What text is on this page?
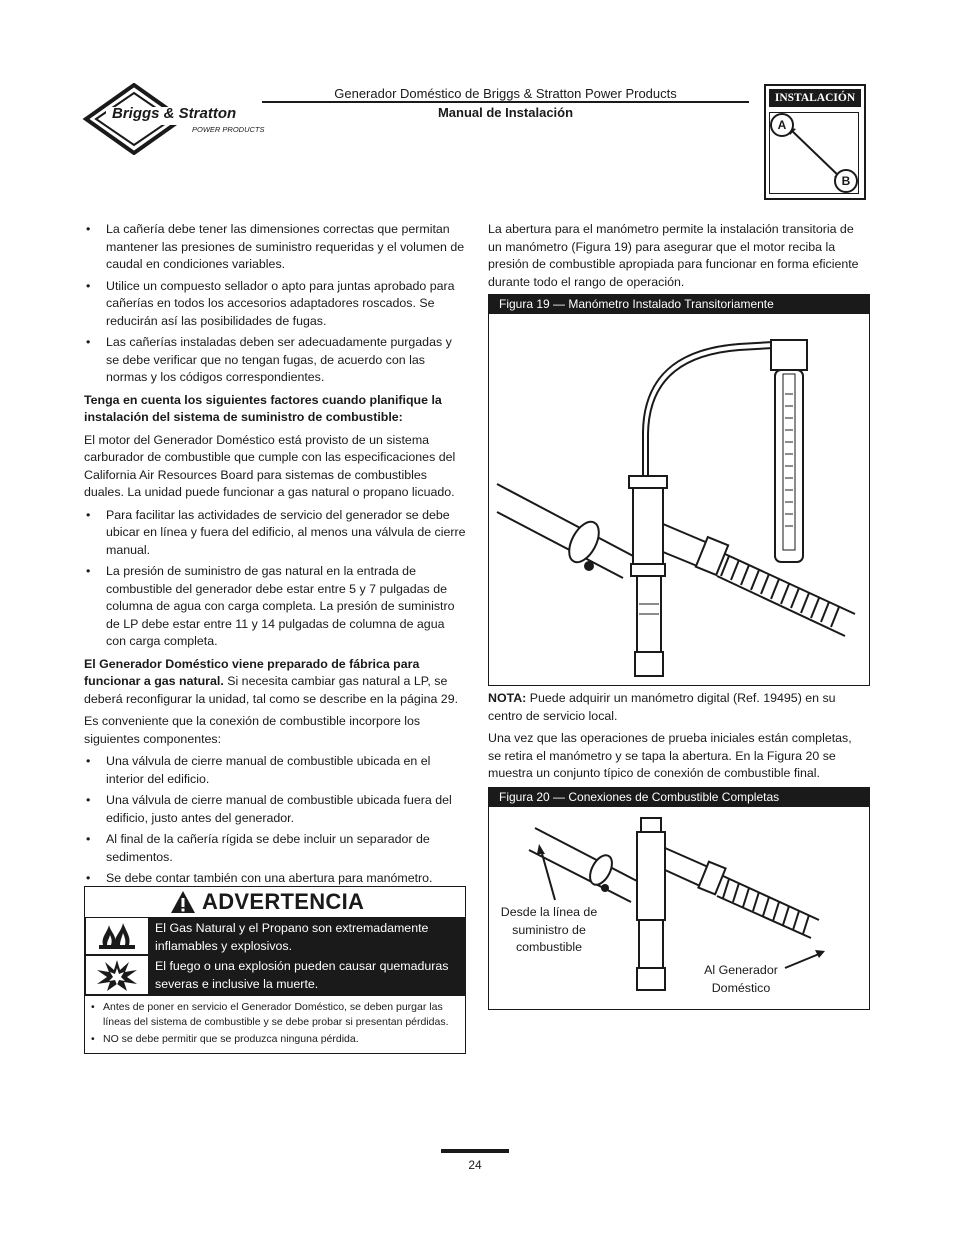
Briggs & Stratton
POWER PRODUCTS
Generador Doméstico de Briggs & Stratton Power Products
Manual de Instalación
INSTALACIÓN
A
B
• La cañería debe tener las dimensiones correctas que permitan mantener las presiones de suministro requeridas y el volumen de caudal en condiciones variables.
• Utilice un compuesto sellador o apto para juntas aprobado para cañerías en todos los accesorios adaptadores roscados. Se reducirán así las posibilidades de fugas.
• Las cañerías instaladas deben ser adecuadamente purgadas y se debe verificar que no tengan fugas, de acuerdo con las normas y los códigos correspondientes.

Tenga en cuenta los siguientes factores cuando planifique la instalación del sistema de suministro de combustible:

El motor del Generador Doméstico está provisto de un sistema carburador de combustible que cumple con las especificaciones del California Air Resources Board para sistemas de combustibles duales. La unidad puede funcionar a gas natural o propano licuado.

• Para facilitar las actividades de servicio del generador se debe ubicar en línea y fuera del edificio, al menos una válvula de cierre manual.
• La presión de suministro de gas natural en la entrada de combustible del generador debe estar entre 5 y 7 pulgadas de columna de agua con carga completa. La presión de suministro de LP debe estar entre 11 y 14 pulgadas de columna de agua con carga completa.

El Generador Doméstico viene preparado de fábrica para funcionar a gas natural. Si necesita cambiar gas natural a LP, se deberá reconfigurar la unidad, tal como se describe en la página 29.

Es conveniente que la conexión de combustible incorpore los siguientes componentes:

• Una válvula de cierre manual de combustible ubicada en el interior del edificio.
• Una válvula de cierre manual de combustible ubicada fuera del edificio, justo antes del generador.
• Al final de la cañería rígida se debe incluir un separador de sedimentos.
• Se debe contar también con una abertura para manómetro.
ADVERTENCIA
El Gas Natural y el Propano son extremadamente inflamables y explosivos.
El fuego o una explosión pueden causar quemaduras severas e inclusive la muerte.
• Antes de poner en servicio el Generador Doméstico, se deben purgar las líneas del sistema de combustible y se debe probar si presentan pérdidas.
• NO se debe permitir que se produzca ninguna pérdida.

La abertura para el manómetro permite la instalación transitoria de un manómetro (Figura 19) para asegurar que el motor reciba la presión de combustible apropiada para funcionar en forma eficiente durante todo el rango de operación.

Figura 19 — Manómetro Instalado Transitoriamente

NOTA: Puede adquirir un manómetro digital (Ref. 19495) en su centro de servicio local.

Una vez que las operaciones de prueba iniciales están completas, se retira el manómetro y se tapa la abertura. En la Figura 20 se muestra un conjunto típico de conexión de combustible final.

Figura 20 — Conexiones de Combustible Completas
Desde la línea de suministro de combustible
Al Generador Doméstico
24
